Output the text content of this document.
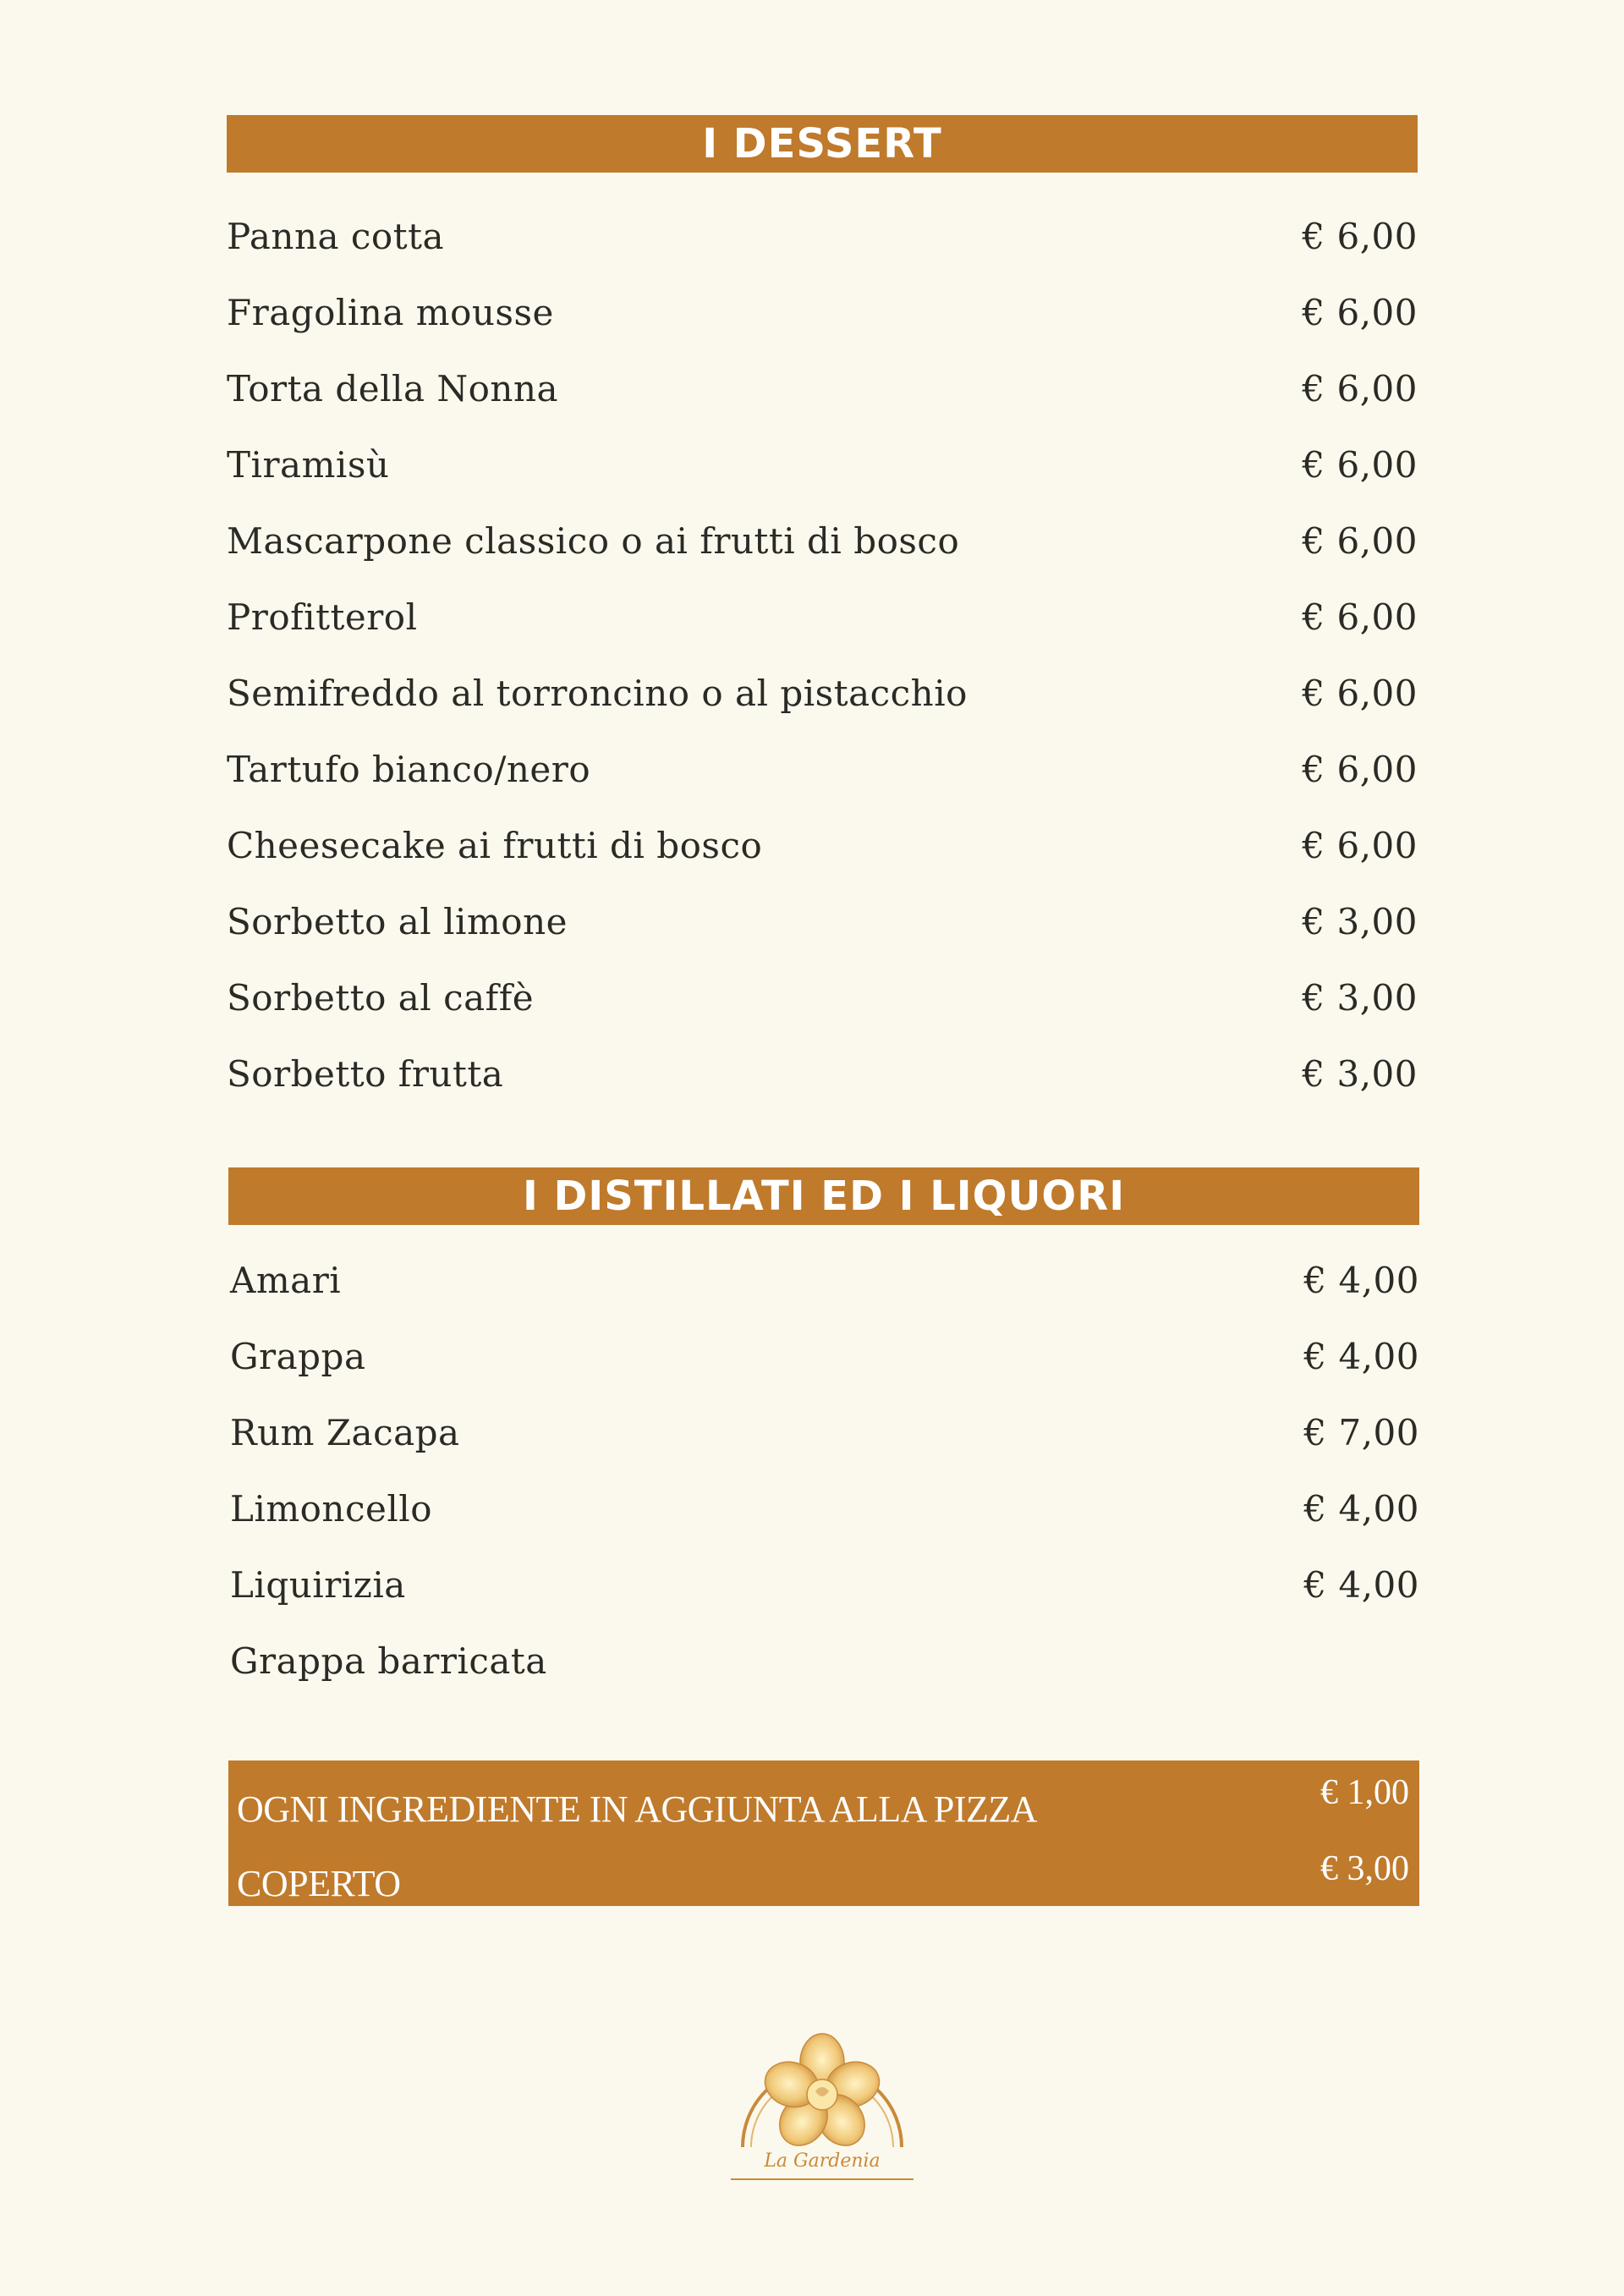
I DESSERT
Panna cotta	€ 6,00
Fragolina mousse	€ 6,00
Torta della Nonna	€ 6,00
Tiramisù	€ 6,00
Mascarpone classico o ai frutti di bosco	€ 6,00
Profitterol	€ 6,00
Semifreddo al torroncino o al pistacchio	€ 6,00
Tartufo bianco/nero	€ 6,00
Cheesecake ai frutti di bosco	€ 6,00
Sorbetto al limone	€ 3,00
Sorbetto al caffè	€ 3,00
Sorbetto frutta	€ 3,00
I DISTILLATI ED I LIQUORI
Amari	€ 4,00
Grappa	€ 4,00
Rum Zacapa	€ 7,00
Limoncello	€ 4,00
Liquirizia	€ 4,00
Grappa barricata
OGNI INGREDIENTE IN AGGIUNTA ALLA PIZZA	€ 1,00
COPERTO	€ 3,00
La Gardenia
